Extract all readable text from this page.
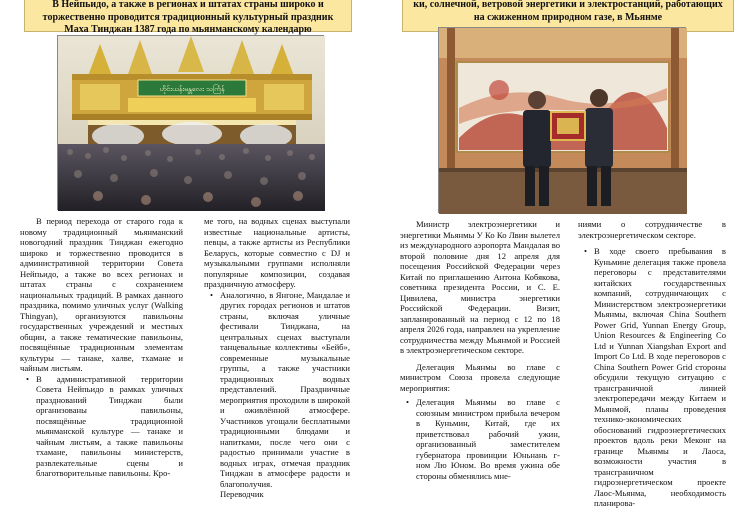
В Нейпьидо, а также в регионах и штатах страны широко и торжественно проводится традиционный культурный праздник Маха Тинджан 1387 года по мьянманскому календарю
ки, солнечной, ветровой энергетики и электростанций, работающих на сжиженном природном газе, в Мьянме
ဟိုင်းယန်းမန္တလေး သင်္ကြန်

В период перехода от старого года к новому традиционный мьянманский новогодний праздник Тинджан ежегодно широко и торжественно проводится в административной территории Совета Нейпьидо, а также во всех регионах и штатах страны с сохранением национальных традиций. В рамках данного праздника, помимо уличных услуг (Walking Thingyan), организуются павильоны государственных учреждений и местных общин, а также тематические павильоны, посвящённые традиционным элементам культуры — танаке, халве, тхамане и чайным листьям.

• В административной территории Совета Нейпьидо в рамках уличных празднований Тинджан были организованы павильоны, посвящённые традиционной мьянманской культуре — танаке и чайным листьям, а также павильоны тхамане, павильоны министерств, развлекательные сцены и благотворительные павильоны. Кро-

ме того, на водных сценах выступали известные национальные артисты, певцы, а также артисты из Республики Беларусь, которые совместно с DJ и музыкальными группами исполняли популярные композиции, создавая праздничную атмосферу.

• Аналогично, в Янгоне, Мандалае и других городах регионов и штатов страны, включая уличные фестивали Тинджана, на центральных сценах выступали танцевальные коллективы «Бейб», современные музыкальные группы, а также участники традиционных водных представлений. Праздничные мероприятия проходили в широкой и оживлённой атмосфере. Участников угощали бесплатными традиционными блюдами и напитками, после чего они с радостью принимали участие в водных играх, отмечая праздник Тинджан в атмосфере радости и благополучия.

Переводчик

Министр электроэнергетики и энергетики Мьянмы У Ко Ко Лвин вылетел из международного аэропорта Мандалая во второй половине дня 12 апреля для посещения Российской Федерации через Китай по приглашению Антона Кобякова, советника президента России, и С. Е. Цивилева, министра энергетики Российской Федерации. Визит, запланированный на период с 12 по 18 апреля 2026 года, направлен на укрепление сотрудничества между Мьянмой и Россией в электроэнергетическом секторе.

Делегация Мьянмы во главе с министром Союза провела следующие мероприятия:

• Делегация Мьянмы во главе с союзным министром прибыла вечером в Куньмин, Китай, где их приветствовал рабочий ужин, организованный заместителем губернатора провинции Юньнань г-ном Лю Юном. Во время ужина обе стороны обменялись мне-

ниями о сотрудничестве в электроэнергетическом секторе.

• В ходе своего пребывания в Куньмине делегация также провела переговоры с представителями китайских государственных компаний, сотрудничающих с Министерством электроэнергетики Мьянмы, включая China Southern Power Grid, Yunnan Energy Group, Union Resources & Engineering Co Ltd и Yunnan Xiangshan Export and Import Co Ltd. В ходе переговоров с China Southern Power Grid стороны обсудили текущую ситуацию с трансграничной линией электропередачи между Китаем и Мьянмой, планы проведения технико-экономических обоснований гидроэнергетических проектов вдоль реки Меконг на границе Мьянмы и Лаоса, возможности участия в трансграничном гидроэнергетическом проекте Лаос-Мьянма, необходимость планирова-
